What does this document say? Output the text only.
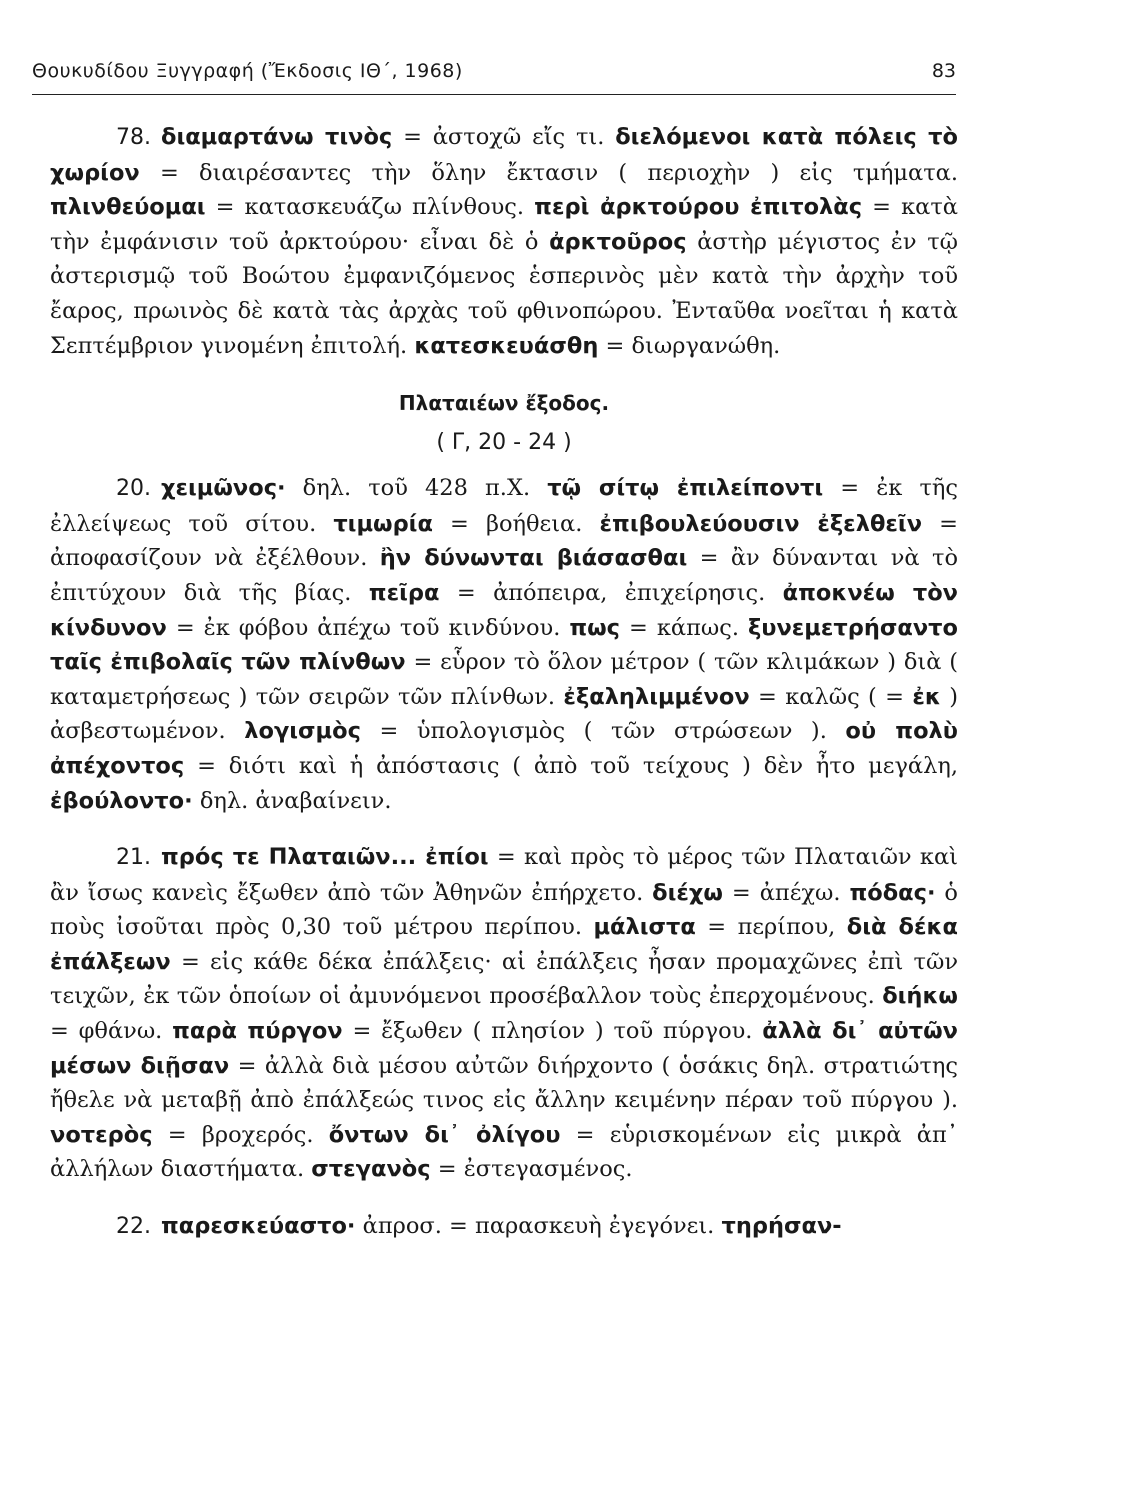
Θουκυδίδου Ξυγγραφή (Ἔκδοσις ΙΘ΄, 1968)	83

78. διαμαρτάνω τινὸς = ἀστοχῶ εἴς τι. διελόμενοι κατὰ πόλεις τὸ χωρίον = διαιρέσαντες τὴν ὅλην ἔκτασιν ( περιοχὴν ) εἰς τμήματα. πλινθεύομαι = κατασκευάζω πλίνθους. περὶ ἀρκτούρου ἐπιτολὰς = κατὰ τὴν ἐμφάνισιν τοῦ ἀρκτούρου· εἶναι δὲ ὁ ἀρκτοῦρος ἀστὴρ μέγιστος ἐν τῷ ἀστερισμῷ τοῦ Βοώτου ἐμφανιζόμενος ἑσπερινὸς μὲν κατὰ τὴν ἀρχὴν τοῦ ἔαρος, πρωινὸς δὲ κατὰ τὰς ἀρχὰς τοῦ φθινοπώρου. Ἐνταῦθα νοεῖται ἡ κατὰ Σεπτέμβριον γινομένη ἐπιτολή. κατεσκευάσθη = διωργανώθη.

Πλαταιέων ἔξοδος.

( Γ, 20 - 24 )

20. χειμῶνος· δηλ. τοῦ 428 π.Χ. τῷ σίτῳ ἐπιλείποντι = ἐκ τῆς ἐλλείψεως τοῦ σίτου. τιμωρία = βοήθεια. ἐπιβουλεύουσιν ἐξελθεῖν = ἀποφασίζουν νὰ ἐξέλθουν. ἢν δύνωνται βιάσασθαι = ἂν δύνανται νὰ τὸ ἐπιτύχουν διὰ τῆς βίας. πεῖρα = ἀπόπειρα, ἐπιχείρησις. ἀποκνέω τὸν κίνδυνον = ἐκ φόβου ἀπέχω τοῦ κινδύνου. πως = κάπως. ξυνεμετρήσαντο ταῖς ἐπιβολαῖς τῶν πλίνθων = εὗρον τὸ ὅλον μέτρον ( τῶν κλιμάκων ) διὰ ( καταμετρήσεως ) τῶν σειρῶν τῶν πλίνθων. ἐξαληλιμμένον = καλῶς ( = ἐκ ) ἀσβεστωμένον. λογισμὸς = ὑπολογισμὸς ( τῶν στρώσεων ). οὐ πολὺ ἀπέχοντος = διότι καὶ ἡ ἀπόστασις ( ἀπὸ τοῦ τείχους ) δὲν ἦτο μεγάλη, ἐβούλοντο· δηλ. ἀναβαίνειν.

21. πρός τε Πλαταιῶν... ἐπίοι = καὶ πρὸς τὸ μέρος τῶν Πλαταιῶν καὶ ἂν ἴσως κανεὶς ἔξωθεν ἀπὸ τῶν Ἀθηνῶν ἐπήρχετο. διέχω = ἀπέχω. πόδας· ὁ ποὺς ἰσοῦται πρὸς 0,30 τοῦ μέτρου περίπου. μάλιστα = περίπου, διὰ δέκα ἐπάλξεων = εἰς κάθε δέκα ἐπάλξεις· αἱ ἐπάλξεις ἦσαν προμαχῶνες ἐπὶ τῶν τειχῶν, ἐκ τῶν ὁποίων οἱ ἀμυνόμενοι προσέβαλλον τοὺς ἐπερχομένους. διήκω = φθάνω. παρὰ πύργον = ἔξωθεν ( πλησίον ) τοῦ πύργου. ἀλλὰ δι᾽ αὐτῶν μέσων διῇσαν = ἀλλὰ διὰ μέσου αὐτῶν διήρχοντο ( ὁσάκις δηλ. στρατιώτης ἤθελε νὰ μεταβῇ ἀπὸ ἐπάλξεώς τινος εἰς ἄλλην κειμένην πέραν τοῦ πύργου ). νοτερὸς = βροχερός. ὄντων δι᾽ ὀλίγου = εὑρισκομένων εἰς μικρὰ ἀπ᾽ ἀλλήλων διαστήματα. στεγανὸς = ἐστεγασμένος.

22. παρεσκεύαστο· ἀπροσ. = παρασκευὴ ἐγεγόνει. τηρήσαν-
